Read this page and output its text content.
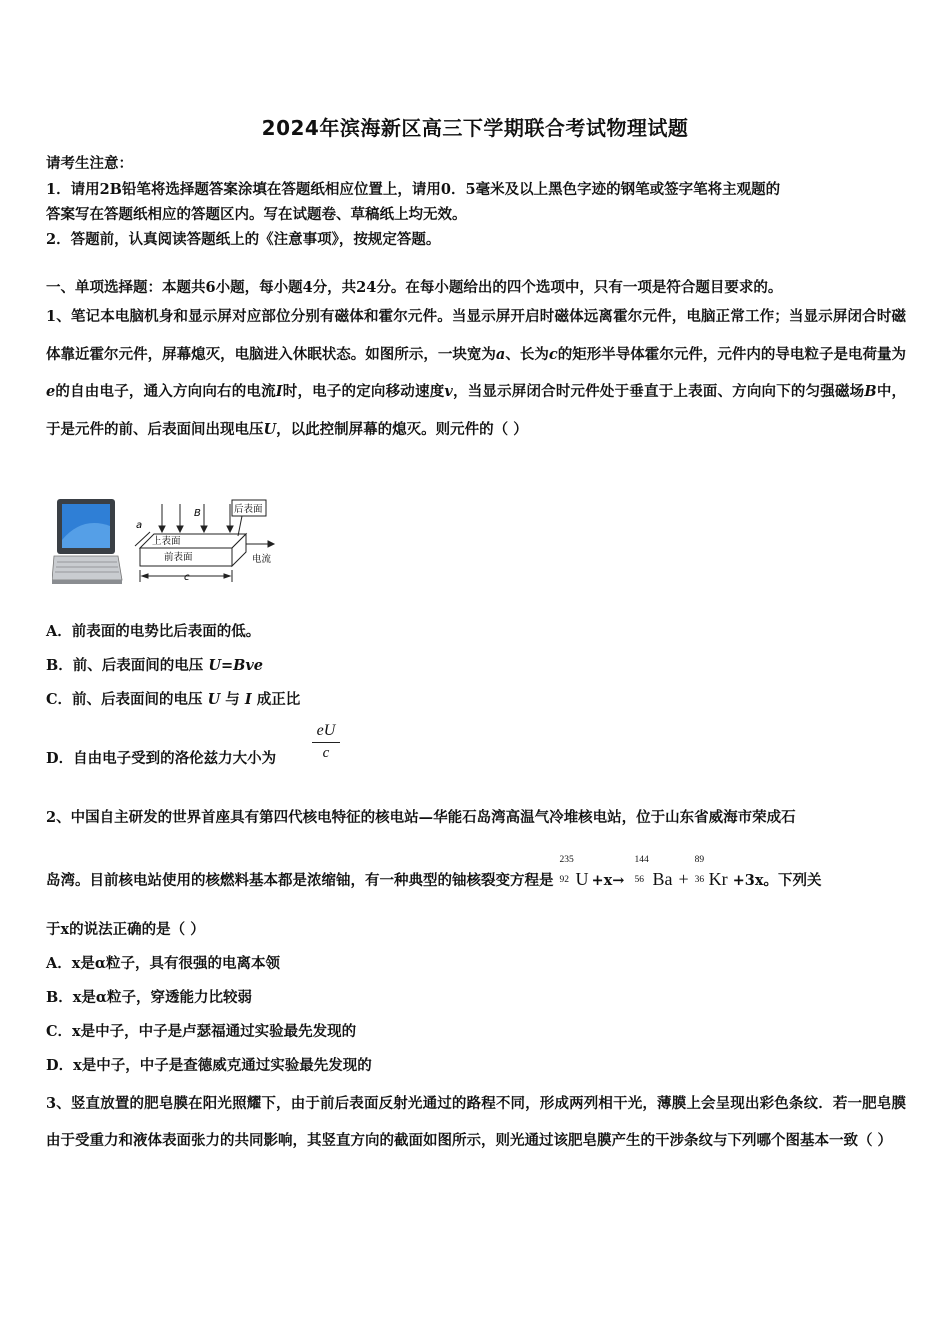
2024年滨海新区高三下学期联合考试物理试题
请考生注意：
1．请用2B铅笔将选择题答案涂填在答题纸相应位置上，请用0．5毫米及以上黑色字迹的钢笔或签字笔将主观题的
答案写在答题纸相应的答题区内。写在试题卷、草稿纸上均无效。
2．答题前，认真阅读答题纸上的《注意事项》，按规定答题。
一、单项选择题：本题共6小题，每小题4分，共24分。在每小题给出的四个选项中，只有一项是符合题目要求的。
1、笔记本电脑机身和显示屏对应部位分别有磁体和霍尔元件。当显示屏开启时磁体远离霍尔元件，电脑正常工作；当显示屏闭合时磁体靠近霍尔元件，屏幕熄灭，电脑进入休眠状态。如图所示，一块宽为a、长为c的矩形半导体霍尔元件，元件内的导电粒子是电荷量为e的自由电子，通入方向向右的电流I时，电子的定向移动速度v，当显示屏闭合时元件处于垂直于上表面、方向向下的匀强磁场B中，于是元件的前、后表面间出现电压U，以此控制屏幕的熄灭。则元件的（ ）
B
a
c
后表面
上表面
前表面	电流
A．前表面的电势比后表面的低。
B．前、后表面间的电压 U=Bve
C．前、后表面间的电压 U 与 I 成正比
D．自由电子受到的洛伦兹力大小为 $\frac{eU}{c}$
2、中国自主研发的世界首座具有第四代核电特征的核电站—华能石岛湾高温气冷堆核电站，位于山东省威海市荣成石
岛湾。目前核电站使用的核燃料基本都是浓缩铀，有一种典型的铀核裂变方程是
235
92 U +x→
144
56 Ba +
89
36 Kr +3x。下列关
于x的说法正确的是（ ）
A．x是α粒子，具有很强的电离本领
B．x是α粒子，穿透能力比较弱
C．x是中子，中子是卢瑟福通过实验最先发现的
D．x是中子，中子是查德威克通过实验最先发现的
3、竖直放置的肥皂膜在阳光照耀下，由于前后表面反射光通过的路程不同，形成两列相干光，薄膜上会呈现出彩色条纹．若一肥皂膜由于受重力和液体表面张力的共同影响，其竖直方向的截面如图所示，则光通过该肥皂膜产生的干涉条纹与下列哪个图基本一致（ ）
